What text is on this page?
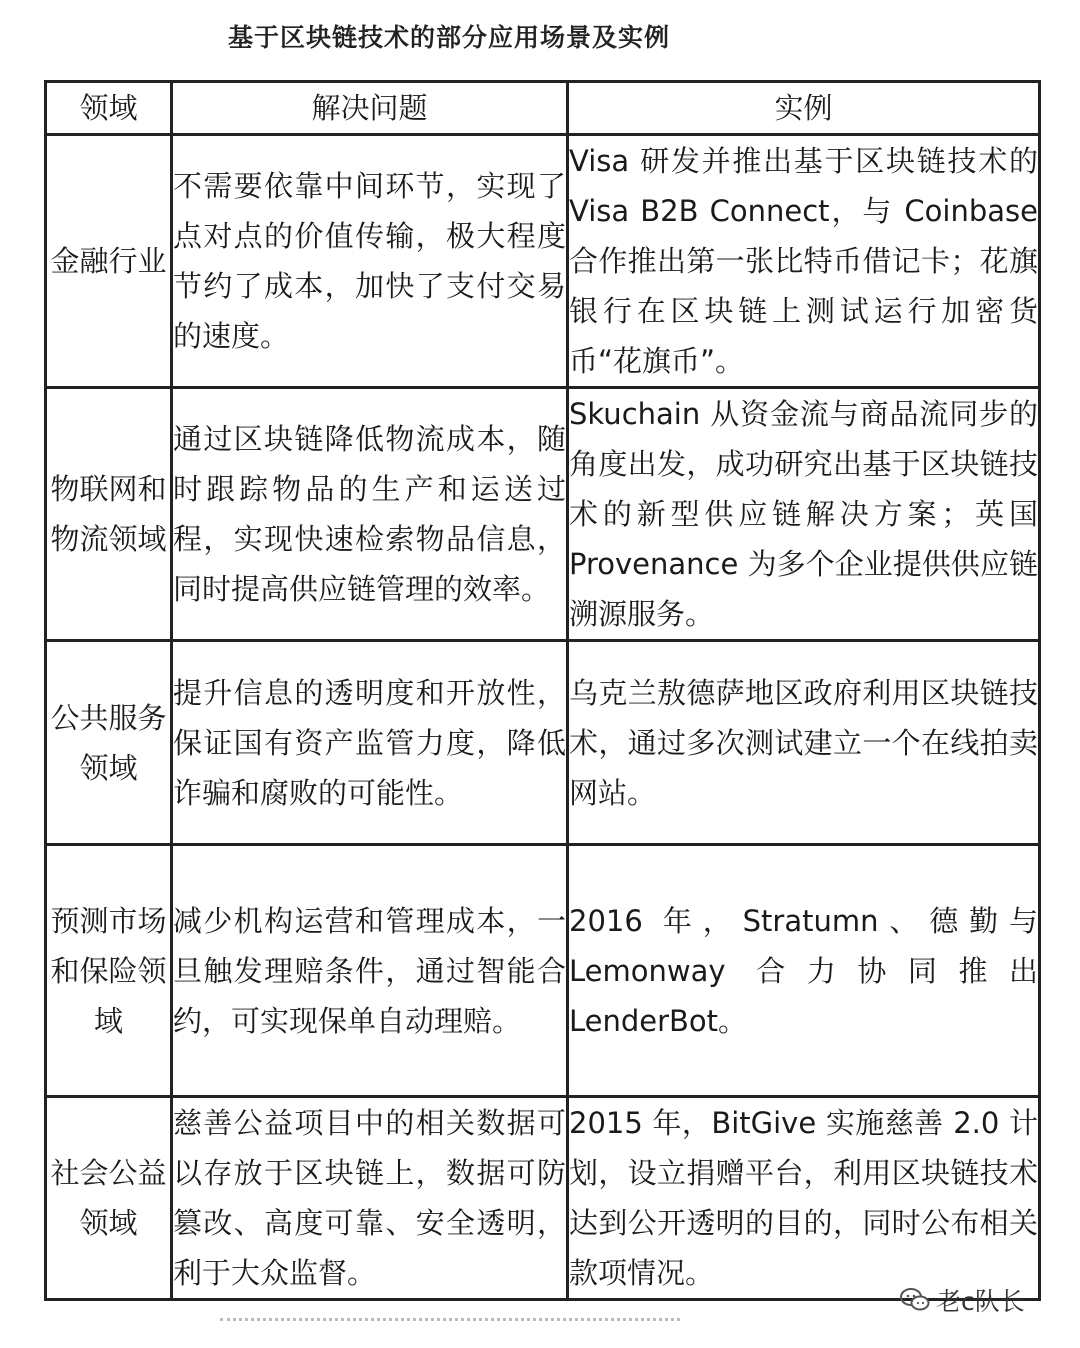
基于区块链技术的部分应用场景及实例
领域	解决问题	实例
金融行业	不需要依靠中间环节，实现了点对点的价值传输，极大程度节约了成本，加快了支付交易的速度。	Visa 研发并推出基于区块链技术的 Visa B2B Connect，与 Coinbase 合作推出第一张比特币借记卡；花旗银行在区块链上测试运行加密货币“花旗币”。
物联网和物流领域	通过区块链降低物流成本，随时跟踪物品的生产和运送过程，实现快速检索物品信息，同时提高供应链管理的效率。	Skuchain 从资金流与商品流同步的角度出发，成功研究出基于区块链技术的新型供应链解决方案；英国 Provenance 为多个企业提供供应链溯源服务。
公共服务领域	提升信息的透明度和开放性，保证国有资产监管力度，降低诈骗和腐败的可能性。	乌克兰敖德萨地区政府利用区块链技术，通过多次测试建立一个在线拍卖网站。
预测市场和保险领域	减少机构运营和管理成本，一旦触发理赔条件，通过智能合约，可实现保单自动理赔。	2016 年，Stratumn、德勤与 Lemonway 合力协同推出 LenderBot。
社会公益领域	慈善公益项目中的相关数据可以存放于区块链上，数据可防篡改、高度可靠、安全透明，利于大众监督。	2015 年，BitGive 实施慈善 2.0 计划，设立捐赠平台，利用区块链技术达到公开透明的目的，同时公布相关款项情况。
老c队长
